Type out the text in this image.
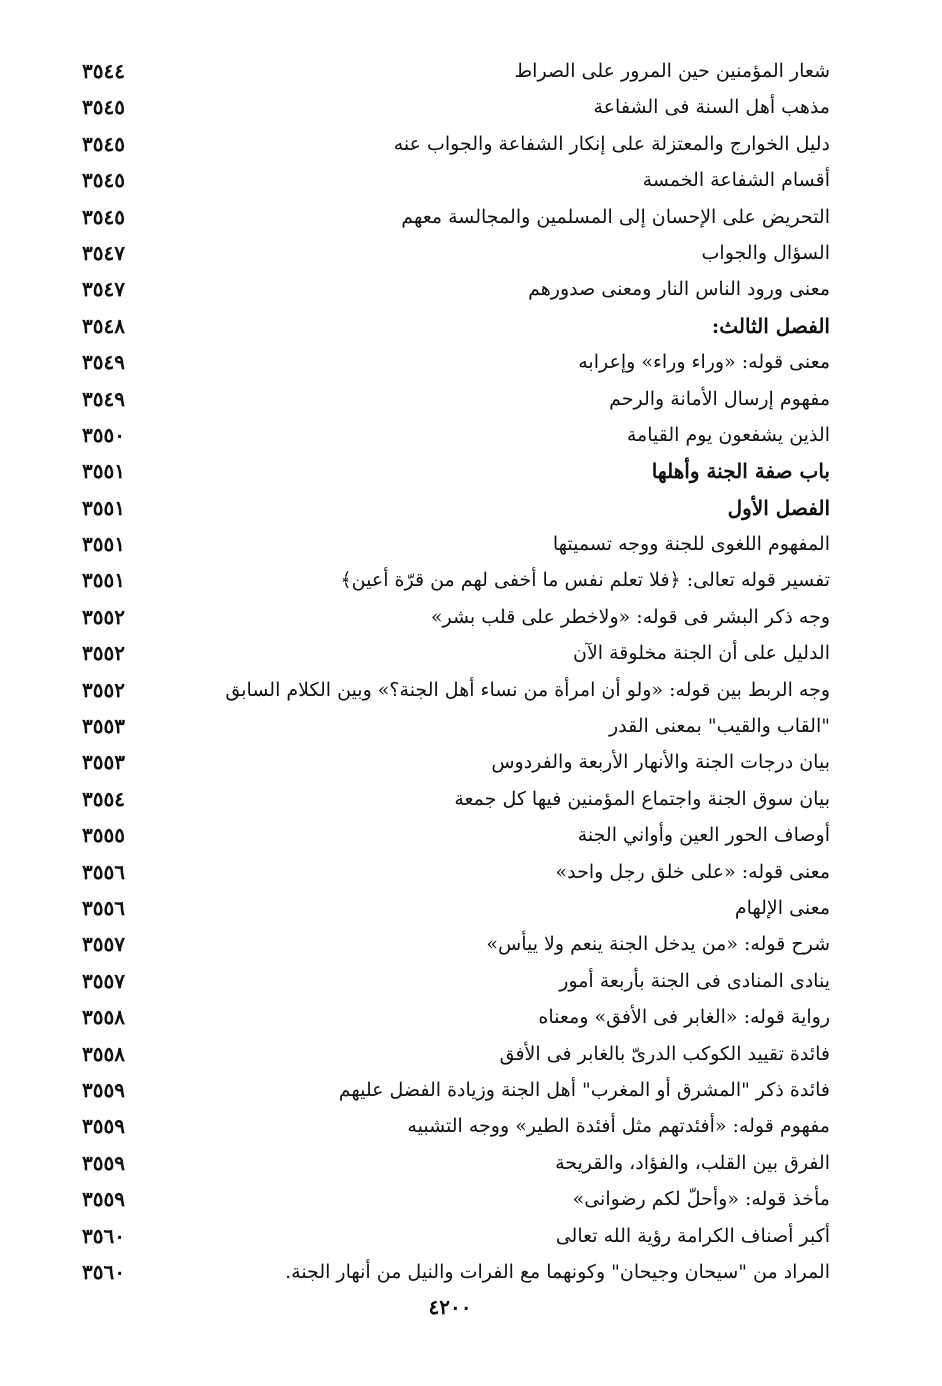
شعار المؤمنين حين المرور على الصراط
٣٥٤٤
مذهب أهل السنة فى الشفاعة
٣٥٤٥
دليل الخوارج والمعتزلة على إنكار الشفاعة والجواب عنه
٣٥٤٥
أقسام الشفاعة الخمسة
٣٥٤٥
التحريض على الإحسان إلى المسلمين والمجالسة معهم
٣٥٤٥
السؤال والجواب
٣٥٤٧
معنى ورود الناس النار ومعنى صدورهم
٣٥٤٧
الفصل الثالث:
٣٥٤٨
معنى قوله: «وراء وراء» وإعرابه
٣٥٤٩
مفهوم إرسال الأمانة والرحم
٣٥٤٩
الذين يشفعون يوم القيامة
٣٥٥٠
باب صفة الجنة وأهلها
٣٥٥١
الفصل الأول
٣٥٥١
المفهوم اللغوى للجنة ووجه تسميتها
٣٥٥١
تفسير قوله تعالى: ﴿فلا تعلم نفس ما أخفى لهم من قرّة أعين﴾
٣٥٥١
وجه ذكر البشر فى قوله: «ولاخطر على قلب بشر»
٣٥٥٢
الدليل على أن الجنة مخلوقة الآن
٣٥٥٢
وجه الربط بين قوله: «ولو أن امرأة من نساء أهل الجنة؟» وبين الكلام السابق
٣٥٥٢
"القاب والقيب" بمعنى القدر
٣٥٥٣
بيان درجات الجنة والأنهار الأربعة والفردوس
٣٥٥٣
بيان سوق الجنة واجتماع المؤمنين فيها كل جمعة
٣٥٥٤
أوصاف الحور العين وأواني الجنة
٣٥٥٥
معنى قوله: «على خلق رجل واحد»
٣٥٥٦
معنى الإلهام
٣٥٥٦
شرح قوله: «من يدخل الجنة ينعم ولا ييأس»
٣٥٥٧
ينادى المنادى فى الجنة بأربعة أمور
٣٥٥٧
رواية قوله: «الغابر فى الأفق» ومعناه
٣٥٥٨
فائدة تقييد الكوكب الدرىّ بالغابر فى الأفق
٣٥٥٨
فائدة ذكر "المشرق أو المغرب" أهل الجنة وزيادة الفضل عليهم
٣٥٥٩
مفهوم قوله: «أفئدتهم مثل أفئدة الطير» ووجه التشبيه
٣٥٥٩
الفرق بين القلب، والفؤاد، والقريحة
٣٥٥٩
مأخذ قوله: «وأحلّ لكم رضوانى»
٣٥٥٩
أكبر أصناف الكرامة رؤية الله تعالى
٣٥٦٠
المراد من "سيحان وجيحان" وكونهما مع الفرات والنيل من أنهار الجنة.
٣٥٦٠
٤٢٠٠
